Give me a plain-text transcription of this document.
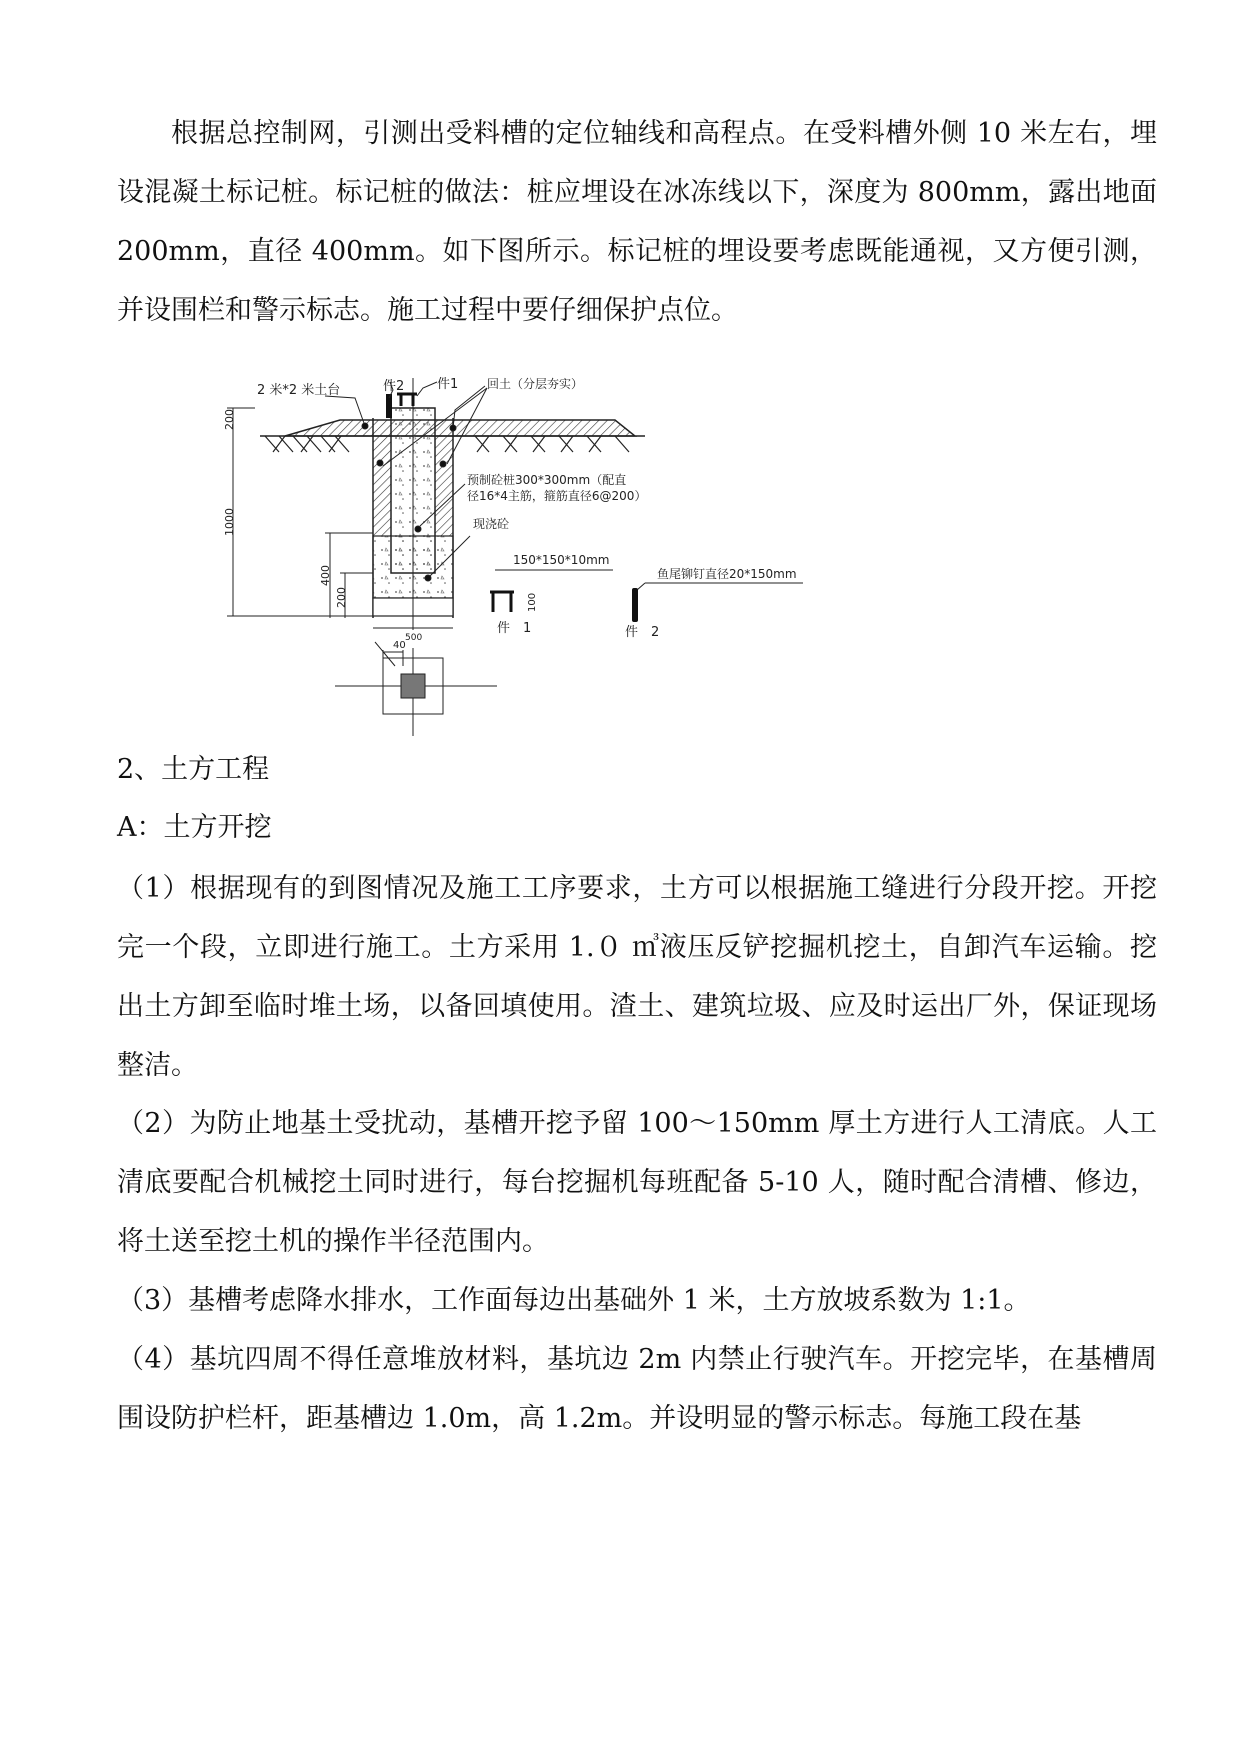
根据总控制网，引测出受料槽的定位轴线和高程点。在受料槽外侧 10 米左右，埋设混凝土标记桩。标记桩的做法：桩应埋设在冰冻线以下，深度为 800mm，露出地面 200mm，直径 400mm。如下图所示。标记桩的埋设要考虑既能通视，又方便引测，并设围栏和警示标志。施工过程中要仔细保护点位。

200
1000
400
200
500
2 米*2 米土台	件2	件1 回土（分层夯实）
预制砼桩300*300mm（配直
径16*4主筋，箍筋直径6@200）
现浇砼
150*150*10mm
100
件　1
鱼尾铆钉直径20*150mm
件　2
40

2、土方工程

A：土方开挖

（1）根据现有的到图情况及施工工序要求，土方可以根据施工缝进行分段开挖。开挖完一个段，立即进行施工。土方采用 1.０ ㎥液压反铲挖掘机挖土，自卸汽车运输。挖出土方卸至临时堆土场，以备回填使用。渣土、建筑垃圾、应及时运出厂外，保证现场整洁。

（2）为防止地基土受扰动，基槽开挖予留 100～150mm 厚土方进行人工清底。人工清底要配合机械挖土同时进行，每台挖掘机每班配备 5-10 人，随时配合清槽、修边，将土送至挖土机的操作半径范围内。

（3）基槽考虑降水排水，工作面每边出基础外 1 米，土方放坡系数为 1:1。

（4）基坑四周不得任意堆放材料，基坑边 2m 内禁止行驶汽车。开挖完毕，在基槽周围设防护栏杆，距基槽边 1.0m，高 1.2m。并设明显的警示标志。每施工段在基
